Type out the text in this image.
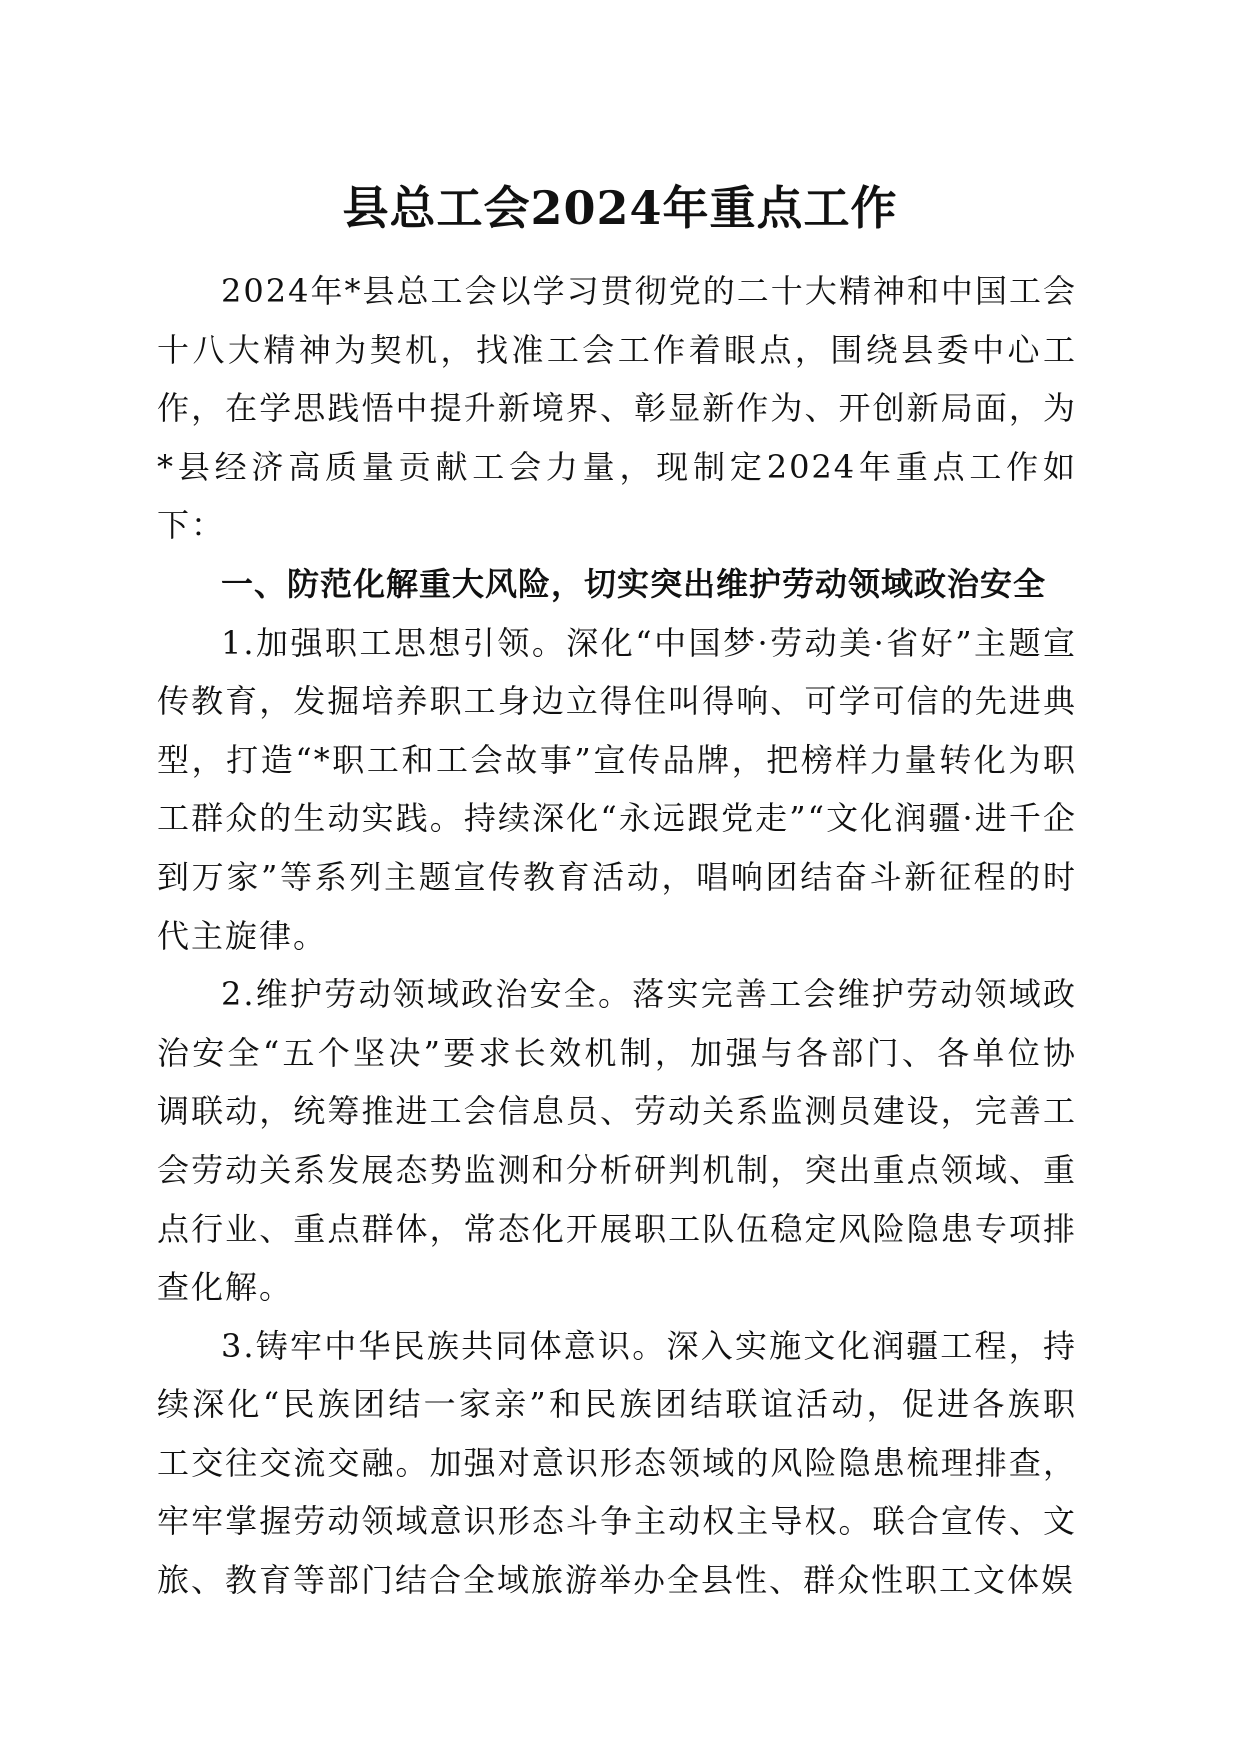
县总工会2024年重点工作

2024年*县总工会以学习贯彻党的二十大精神和中国工会十八大精神为契机，找准工会工作着眼点，围绕县委中心工作，在学思践悟中提升新境界、彰显新作为、开创新局面，为*县经济高质量贡献工会力量，现制定2024年重点工作如下：

一、防范化解重大风险，切实突出维护劳动领域政治安全

1.加强职工思想引领。深化“中国梦·劳动美·省好”主题宣传教育，发掘培养职工身边立得住叫得响、可学可信的先进典型，打造“*职工和工会故事”宣传品牌，把榜样力量转化为职工群众的生动实践。持续深化“永远跟党走”“文化润疆·进千企到万家”等系列主题宣传教育活动，唱响团结奋斗新征程的时代主旋律。

2.维护劳动领域政治安全。落实完善工会维护劳动领域政治安全“五个坚决”要求长效机制，加强与各部门、各单位协调联动，统筹推进工会信息员、劳动关系监测员建设，完善工会劳动关系发展态势监测和分析研判机制，突出重点领域、重点行业、重点群体，常态化开展职工队伍稳定风险隐患专项排查化解。

3.铸牢中华民族共同体意识。深入实施文化润疆工程，持续深化“民族团结一家亲”和民族团结联谊活动，促进各族职工交往交流交融。加强对意识形态领域的风险隐患梳理排查，牢牢掌握劳动领域意识形态斗争主动权主导权。联合宣传、文旅、教育等部门结合全域旅游举办全县性、群众性职工文体娱
